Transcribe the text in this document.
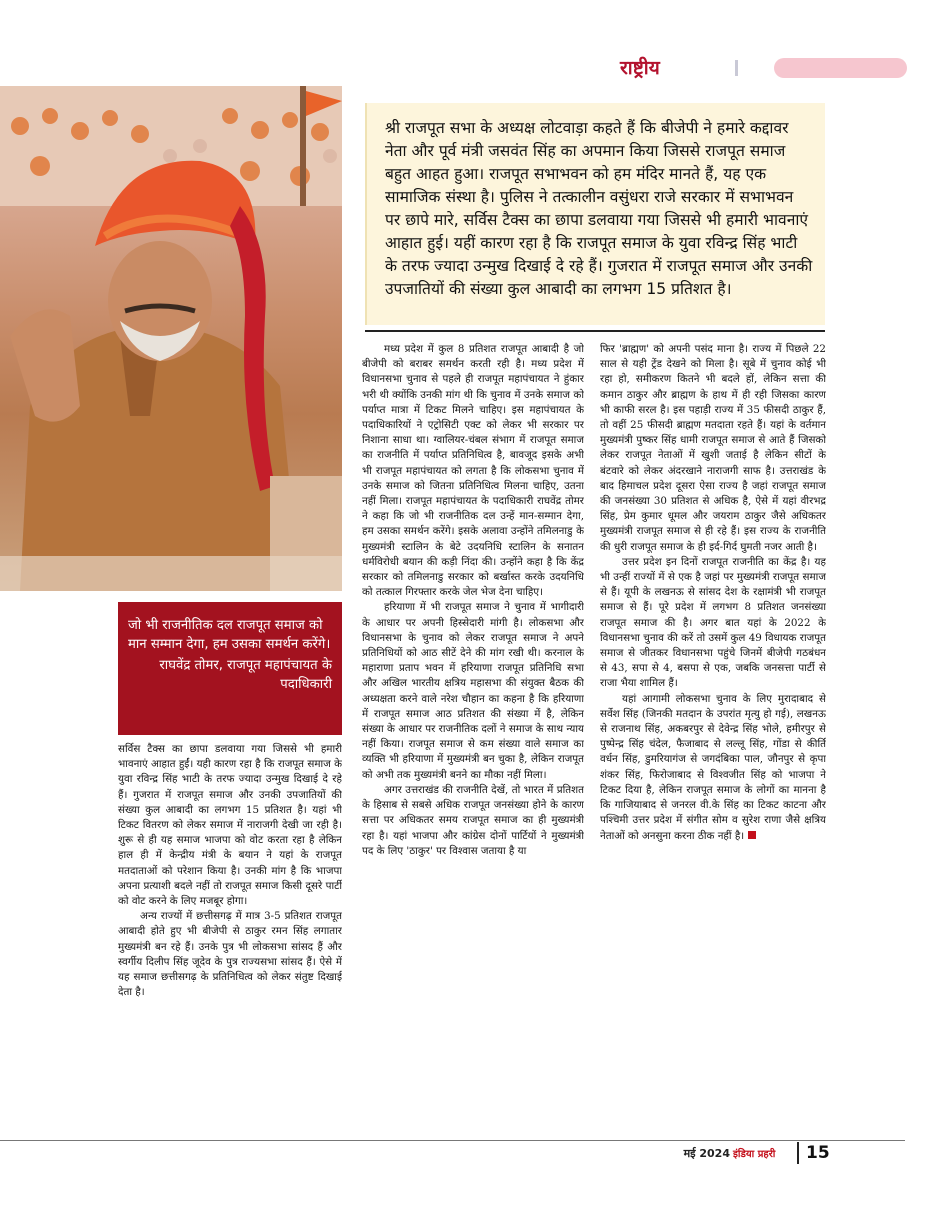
राष्ट्रीय
श्री राजपूत सभा के अध्यक्ष लोटवाड़ा कहते हैं कि बीजेपी ने हमारे कद्दावर नेता और पूर्व मंत्री जसवंत सिंह का अपमान किया जिससे राजपूत समाज बहुत आहत हुआ। राजपूत सभाभवन को हम मंदिर मानते हैं, यह एक सामाजिक संस्था है। पुलिस ने तत्कालीन वसुंधरा राजे सरकार में सभाभवन पर छापे मारे, सर्विस टैक्स का छापा डलवाया गया जिससे भी हमारी भावनाएं आहात हुई। यहीं कारण रहा है कि राजपूत समाज के युवा रविन्द्र सिंह भाटी के तरफ ज्यादा उन्मुख दिखाई दे रहे हैं। गुजरात में राजपूत समाज और उनकी उपजातियों की संख्या कुल आबादी का लगभग 15 प्रतिशत है।
जो भी राजनीतिक दल राजपूत समाज को मान सम्मान देगा, हम उसका समर्थन करेंगे।
राघवेंद्र तोमर, राजपूत महापंचायत के पदाधिकारी

सर्विस टैक्स का छापा डलवाया गया जिससे भी हमारी भावनाएं आहात हुईं। यही कारण रहा है कि राजपूत समाज के युवा रविन्द्र सिंह भाटी के तरफ ज्यादा उन्मुख दिखाई दे रहे हैं। गुजरात में राजपूत समाज और उनकी उपजातियों की संख्या कुल आबादी का लगभग 15 प्रतिशत है। यहां भी टिकट वितरण को लेकर समाज में नाराजगी देखी जा रही है। शुरू से ही यह समाज भाजपा को वोट करता रहा है लेकिन हाल ही में केन्द्रीय मंत्री के बयान ने यहां के राजपूत मतदाताओं को परेशान किया है। उनकी मांग है कि भाजपा अपना प्रत्याशी बदले नहीं तो राजपूत समाज किसी दूसरे पार्टी को वोट करने के लिए मजबूर होगा।

अन्य राज्यों में छत्तीसगढ़ में मात्र 3-5 प्रतिशत राजपूत आबादी होते हुए भी बीजेपी से ठाकुर रमन सिंह लगातार मुख्यमंत्री बन रहे हैं। उनके पुत्र भी लोकसभा सांसद हैं और स्वर्गीय दिलीप सिंह जूदेव के पुत्र राज्यसभा सांसद हैं। ऐसे में यह समाज छत्तीसगढ़ के प्रतिनिधित्व को लेकर संतुष्ट दिखाई देता है।

मध्य प्रदेश में कुल 8 प्रतिशत राजपूत आबादी है जो बीजेपी को बराबर समर्थन करती रही है। मध्य प्रदेश में विधानसभा चुनाव से पहले ही राजपूत महापंचायत ने हुंकार भरी थी क्योंकि उनकी मांग थी कि चुनाव में उनके समाज को पर्याप्त मात्रा में टिकट मिलने चाहिए। इस महापंचायत के पदाधिकारियों ने एट्रोसिटी एक्ट को लेकर भी सरकार पर निशाना साधा था। ग्वालियर-चंबल संभाग में राजपूत समाज का राजनीति में पर्याप्त प्रतिनिधित्व है, बावजूद इसके अभी भी राजपूत महापंचायत को लगता है कि लोकसभा चुनाव में उनके समाज को जितना प्रतिनिधित्व मिलना चाहिए, उतना नहीं मिला। राजपूत महापंचायत के पदाधिकारी राघवेंद्र तोमर ने कहा कि जो भी राजनीतिक दल उन्हें मान-सम्मान देगा, हम उसका समर्थन करेंगे। इसके अलावा उन्होंने तमिलनाडु के मुख्यमंत्री स्टालिन के बेटे उदयनिधि स्टालिन के सनातन धर्मविरोधी बयान की कड़ी निंदा की। उन्होंने कहा है कि केंद्र सरकार को तमिलनाडु सरकार को बर्खास्त करके उदयनिधि को तत्काल गिरफ्तार करके जेल भेज देना चाहिए।

हरियाणा में भी राजपूत समाज ने चुनाव में भागीदारी के आधार पर अपनी हिस्सेदारी मांगी है। लोकसभा और विधानसभा के चुनाव को लेकर राजपूत समाज ने अपने प्रतिनिधियों को आठ सीटें देने की मांग रखी थी। करनाल के महाराणा प्रताप भवन में हरियाणा राजपूत प्रतिनिधि सभा और अखिल भारतीय क्षत्रिय महासभा की संयुक्त बैठक की अध्यक्षता करने वाले नरेश चौहान का कहना है कि हरियाणा में राजपूत समाज आठ प्रतिशत की संख्या में है, लेकिन संख्या के आधार पर राजनीतिक दलों ने समाज के साथ न्याय नहीं किया। राजपूत समाज से कम संख्या वाले समाज का व्यक्ति भी हरियाणा में मुख्यमंत्री बन चुका है, लेकिन राजपूत को अभी तक मुख्यमंत्री बनने का मौका नहीं मिला।

अगर उत्तराखंड की राजनीति देखें, तो भारत में प्रतिशत के हिसाब से सबसे अधिक राजपूत जनसंख्या होने के कारण सत्ता पर अधिकतर समय राजपूत समाज का ही मुख्यमंत्री रहा है। यहां भाजपा और कांग्रेस दोनों पार्टियों ने मुख्यमंत्री पद के लिए 'ठाकुर' पर विश्वास जताया है या

फिर 'ब्राह्मण' को अपनी पसंद माना है। राज्य में पिछले 22 साल से यही ट्रेंड देखने को मिला है। सूबे में चुनाव कोई भी रहा हो, समीकरण कितने भी बदले हों, लेकिन सत्ता की कमान ठाकुर और ब्राह्मण के हाथ में ही रही जिसका कारण भी काफी सरल है। इस पहाड़ी राज्य में 35 फीसदी ठाकुर हैं, तो वहीं 25 फीसदी ब्राह्मण मतदाता रहते हैं। यहां के वर्तमान मुख्यमंत्री पुष्कर सिंह धामी राजपूत समाज से आते हैं जिसको लेकर राजपूत नेताओं में खुशी जताई है लेकिन सीटों के बंटवारे को लेकर अंदरखाने नाराजगी साफ है। उत्तराखंड के बाद हिमाचल प्रदेश दूसरा ऐसा राज्य है जहां राजपूत समाज की जनसंख्या 30 प्रतिशत से अधिक है, ऐसे में यहां वीरभद्र सिंह, प्रेम कुमार धूमल और जयराम ठाकुर जैसे अधिकतर मुख्यमंत्री राजपूत समाज से ही रहे हैं। इस राज्य के राजनीति की धुरी राजपूत समाज के ही इर्द-गिर्द घुमती नजर आती है।

उत्तर प्रदेश इन दिनों राजपूत राजनीति का केंद्र है। यह भी उन्हीं राज्यों में से एक है जहां पर मुख्यमंत्री राजपूत समाज से हैं। यूपी के लखनऊ से सांसद देश के रक्षामंत्री भी राजपूत समाज से हैं। पूरे प्रदेश में लगभग 8 प्रतिशत जनसंख्या राजपूत समाज की है। अगर बात यहां के 2022 के विधानसभा चुनाव की करें तो उसमें कुल 49 विधायक राजपूत समाज से जीतकर विधानसभा पहुंचे जिनमें बीजेपी गठबंधन से 43, सपा से 4, बसपा से एक, जबकि जनसत्ता पार्टी से राजा भैया शामिल हैं।

यहां आगामी लोकसभा चुनाव के लिए मुरादाबाद से सर्वेश सिंह (जिनकी मतदान के उपरांत मृत्यु हो गई), लखनऊ से राजनाथ सिंह, अकबरपुर से देवेन्द्र सिंह भोले, हमीरपुर से पुष्पेन्द्र सिंह चंदेल, फैजाबाद से लल्लू सिंह, गोंडा से कीर्ति वर्धन सिंह, डुमरियागंज से जगदंबिका पाल, जौनपुर से कृपा शंकर सिंह, फिरोजाबाद से विश्वजीत सिंह को भाजपा ने टिकट दिया है, लेकिन राजपूत समाज के लोगों का मानना है कि गाजियाबाद से जनरल वी.के सिंह का टिकट काटना और पश्चिमी उत्तर प्रदेश में संगीत सोम व सुरेश राणा जैसे क्षत्रिय नेताओं को अनसुना करना ठीक नहीं है।

मई 2024 इंडिया प्रहरी	15
